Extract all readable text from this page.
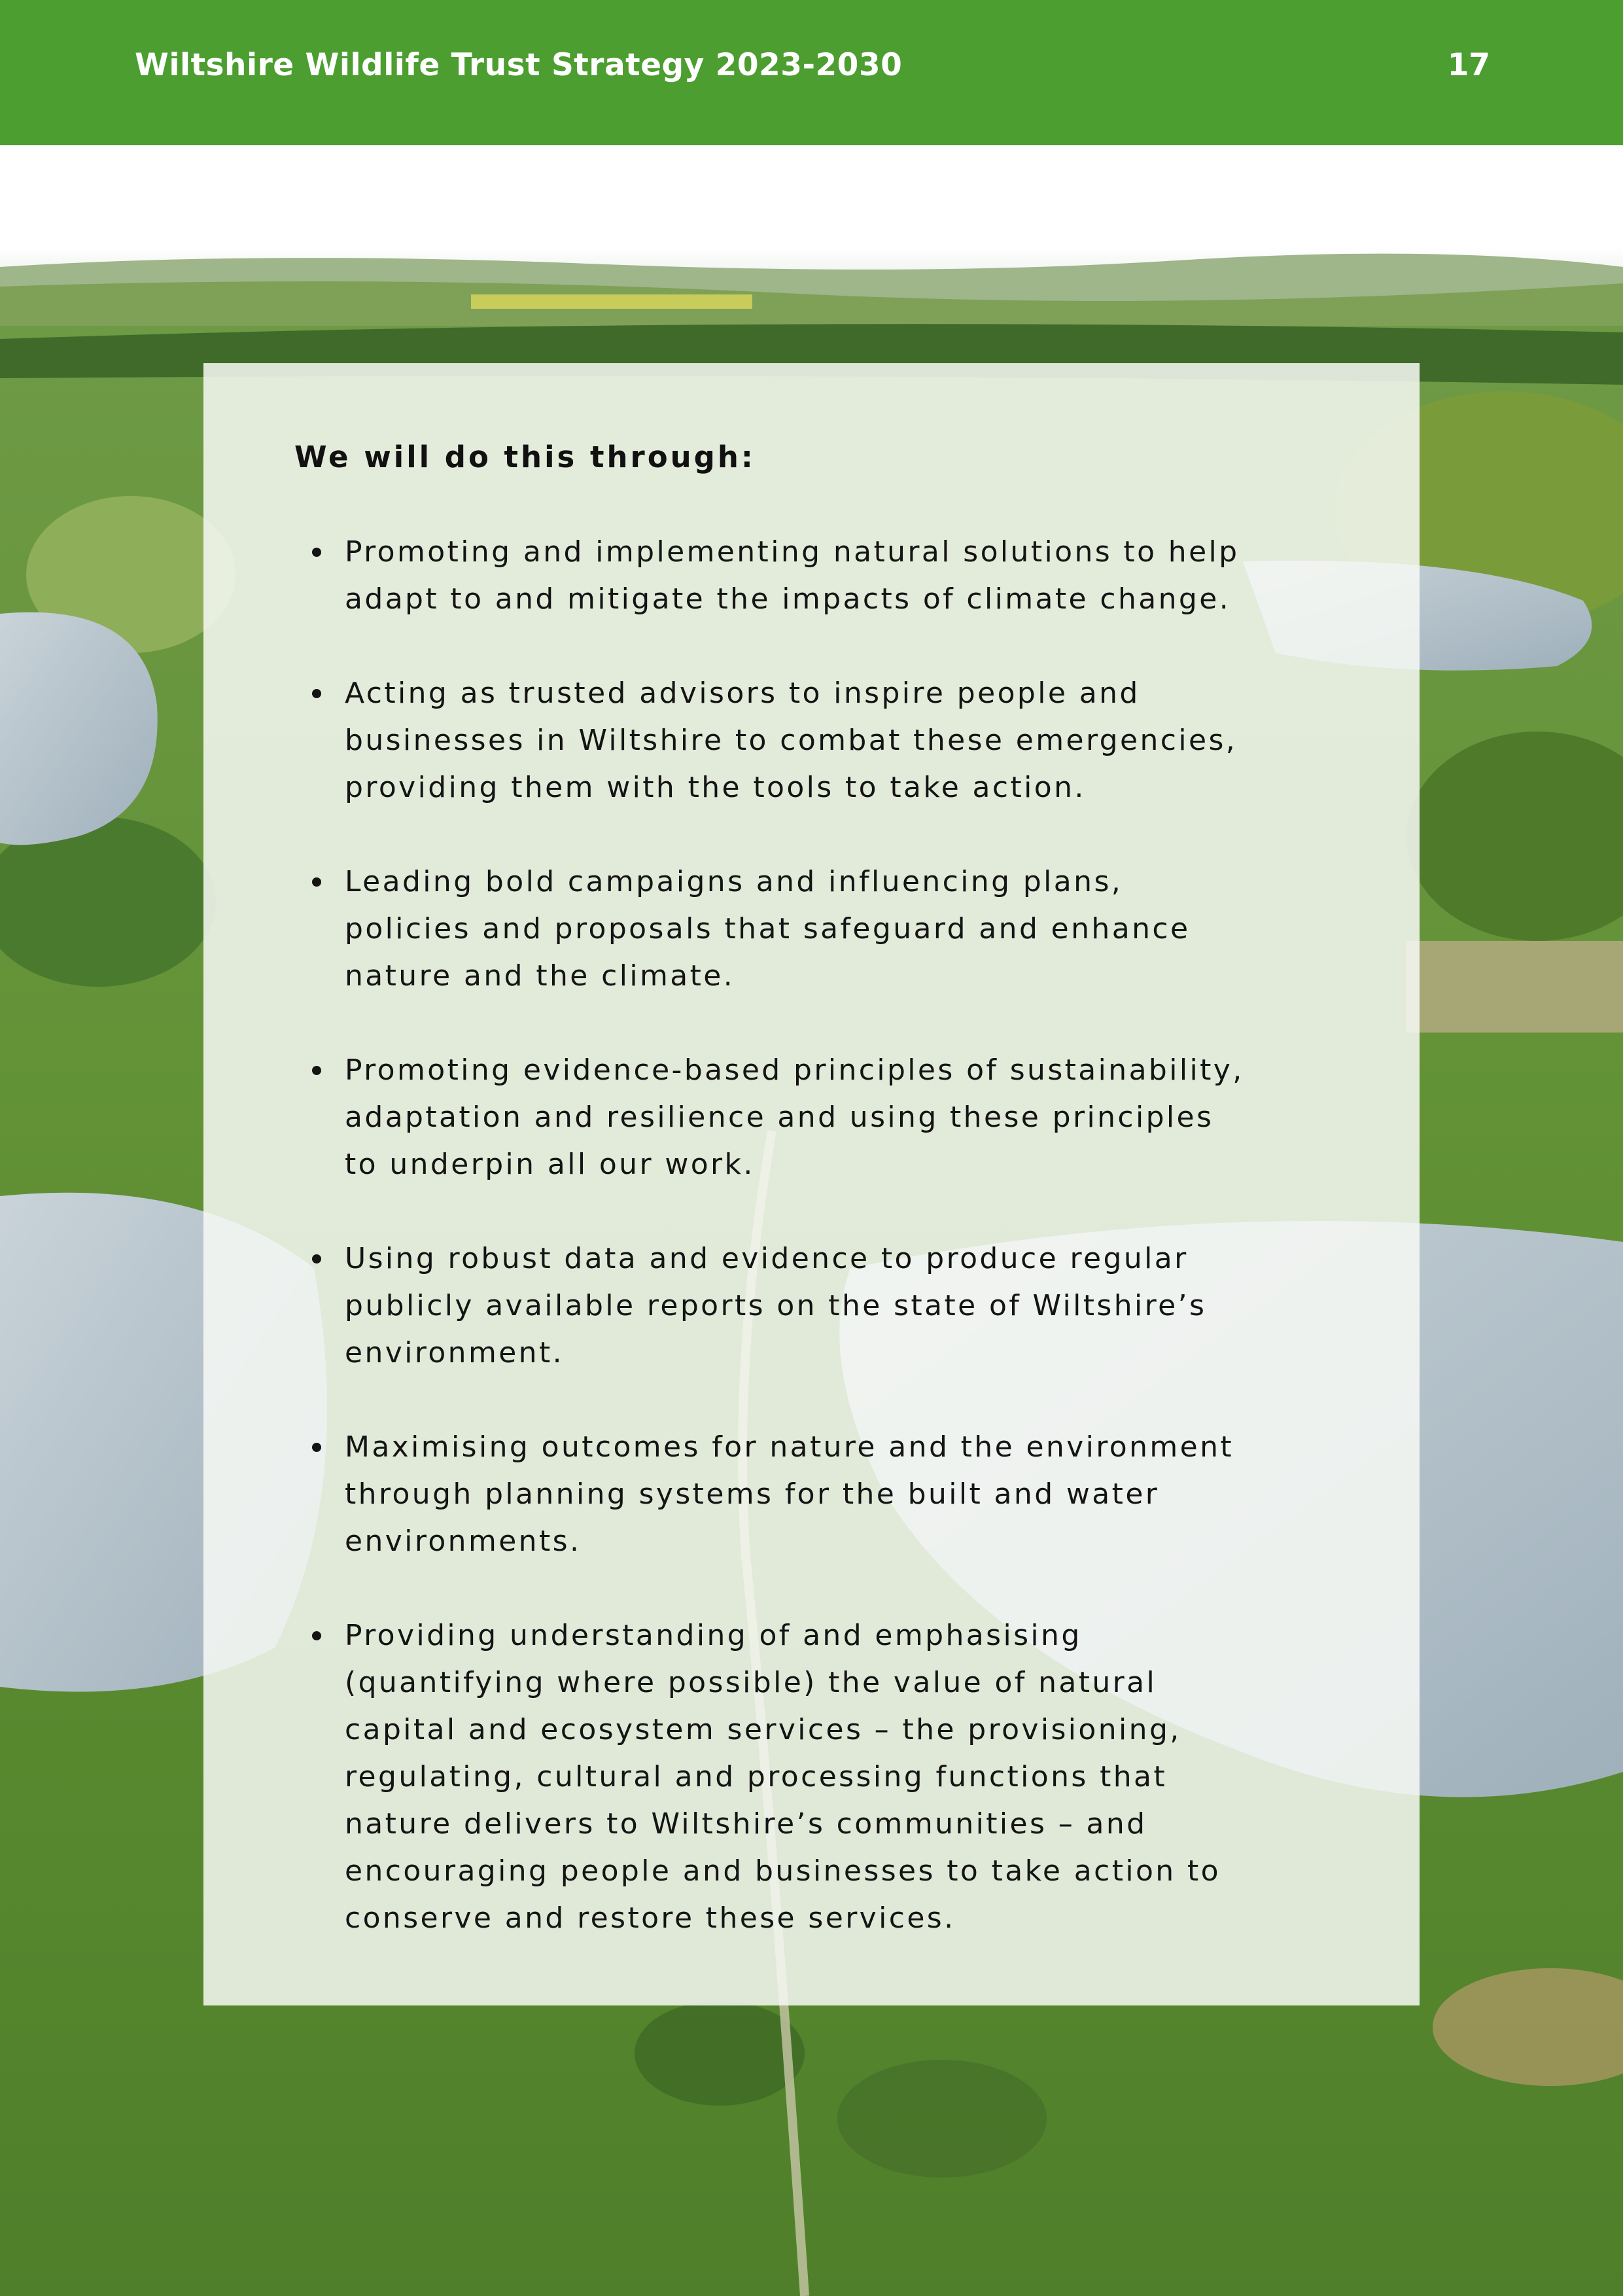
Wiltshire Wildlife Trust Strategy 2023-2030	17
We will do this through:
Promoting and implementing natural solutions to help
adapt to and mitigate the impacts of climate change.
Acting as trusted advisors to inspire people and
businesses in Wiltshire to combat these emergencies,
providing them with the tools to take action.
Leading bold campaigns and influencing plans,
policies and proposals that safeguard and enhance
nature and the climate.
Promoting evidence-based principles of sustainability,
adaptation and resilience and using these principles
to underpin all our work.
Using robust data and evidence to produce regular
publicly available reports on the state of Wiltshire’s
environment.
Maximising outcomes for nature and the environment
through planning systems for the built and water
environments.
Providing understanding of and emphasising
(quantifying where possible) the value of natural
capital and ecosystem services – the provisioning,
regulating, cultural and processing functions that
nature delivers to Wiltshire’s communities – and
encouraging people and businesses to take action to
conserve and restore these services.
